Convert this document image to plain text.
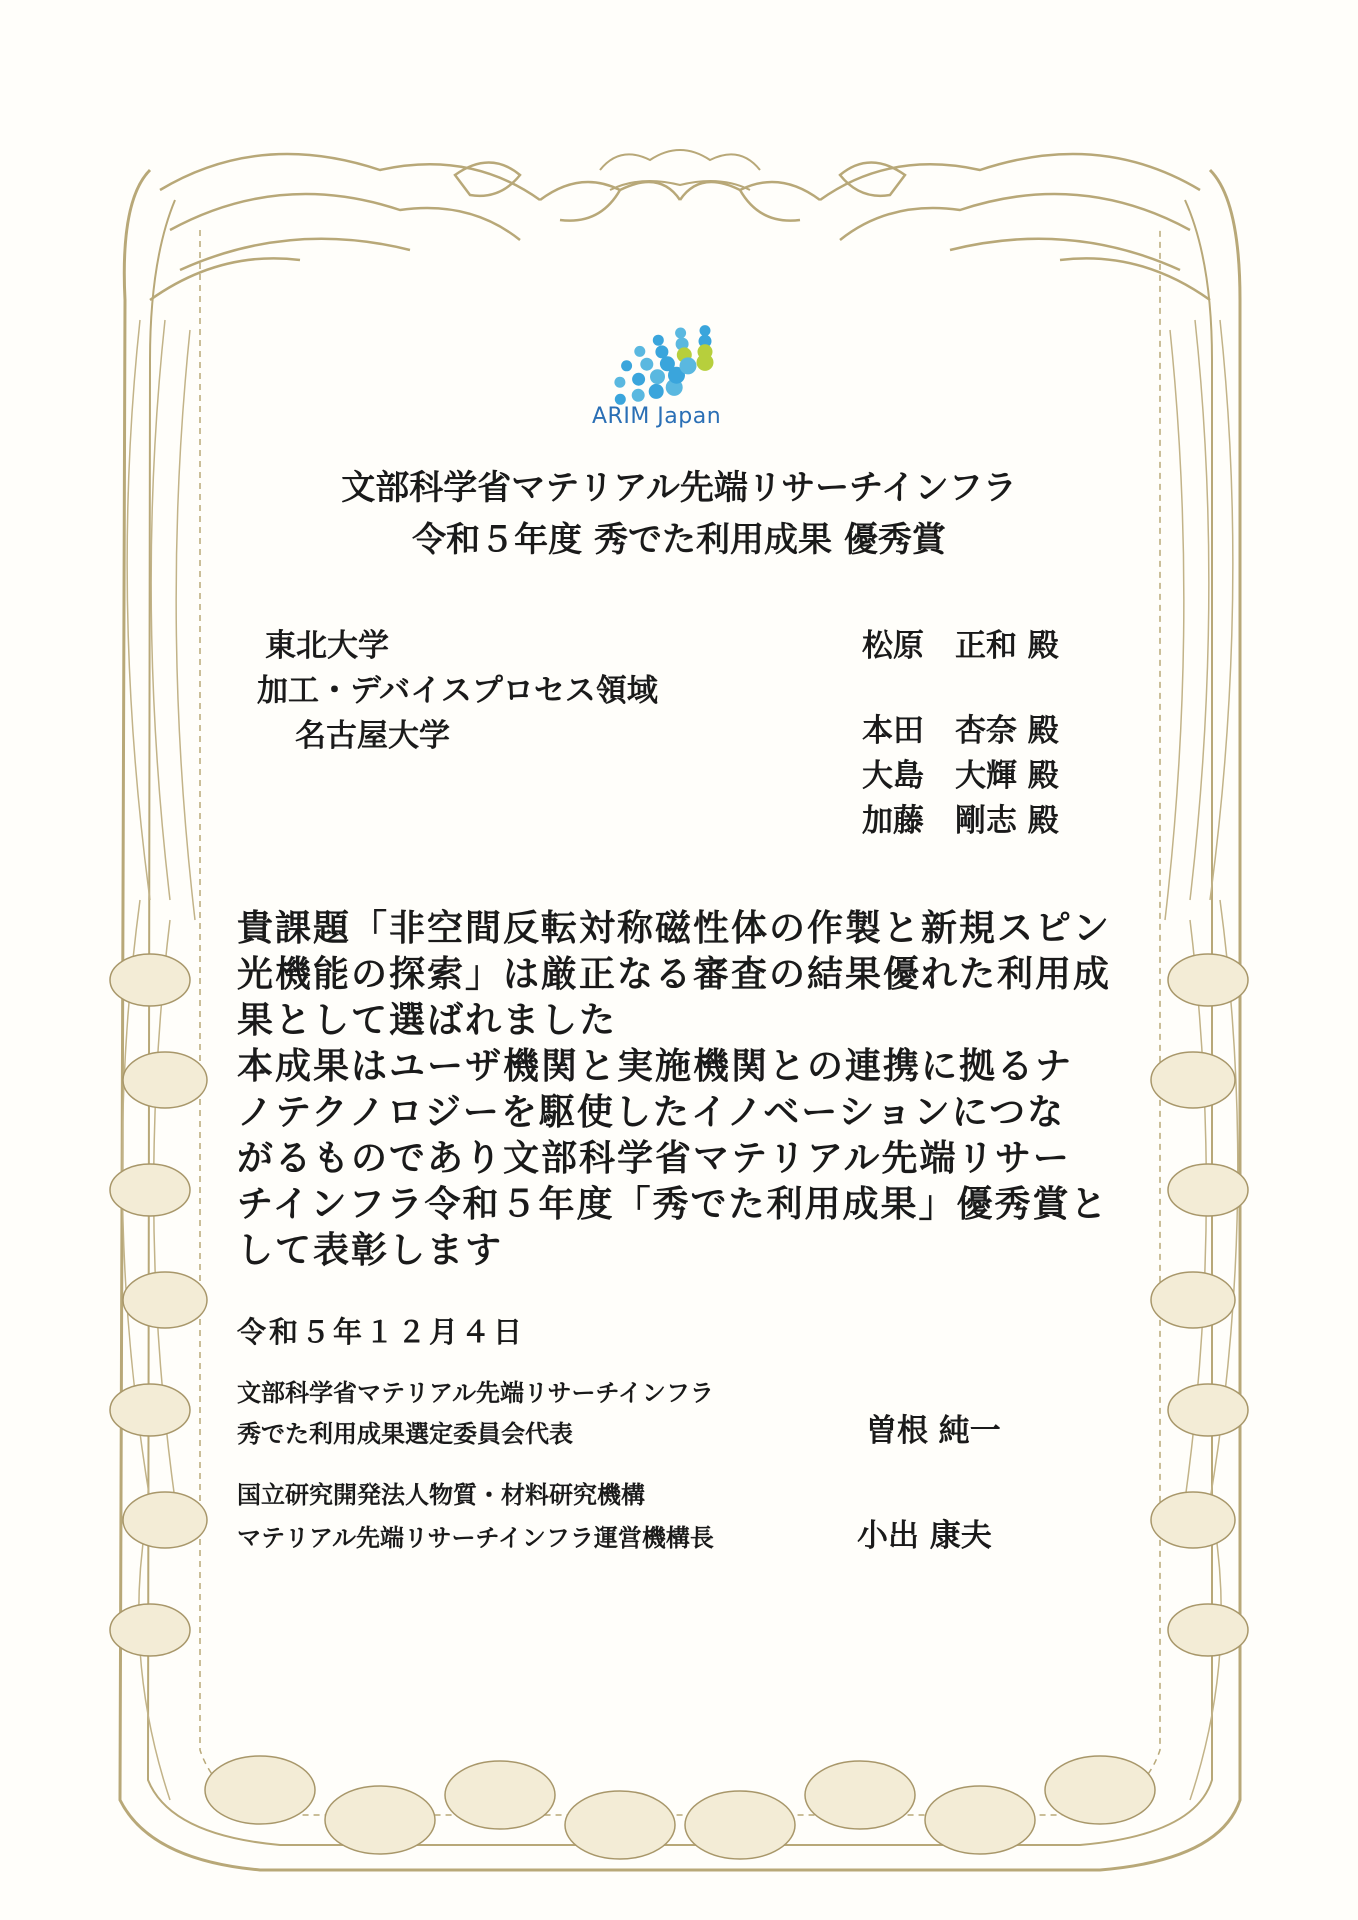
ARIM Japan
文部科学省マテリアル先端リサーチインフラ
令和５年度 秀でた利用成果 優秀賞
東北大学
加工・デバイスプロセス領域
名古屋大学
松原　正和 殿
本田　杏奈 殿
大島　大輝 殿
加藤　剛志 殿
貴課題「非空間反転対称磁性体の作製と新規スピン
光機能の探索」は厳正なる審査の結果優れた利用成
果として選ばれました
本成果はユーザ機関と実施機関との連携に拠るナ
ノテクノロジーを駆使したイノベーションにつな
がるものであり文部科学省マテリアル先端リサー
チインフラ令和５年度「秀でた利用成果」優秀賞と
して表彰します
令和５年１２月４日
文部科学省マテリアル先端リサーチインフラ
秀でた利用成果選定委員会代表	曽根 純一
国立研究開発法人物質・材料研究機構
マテリアル先端リサーチインフラ運営機構長	小出 康夫
